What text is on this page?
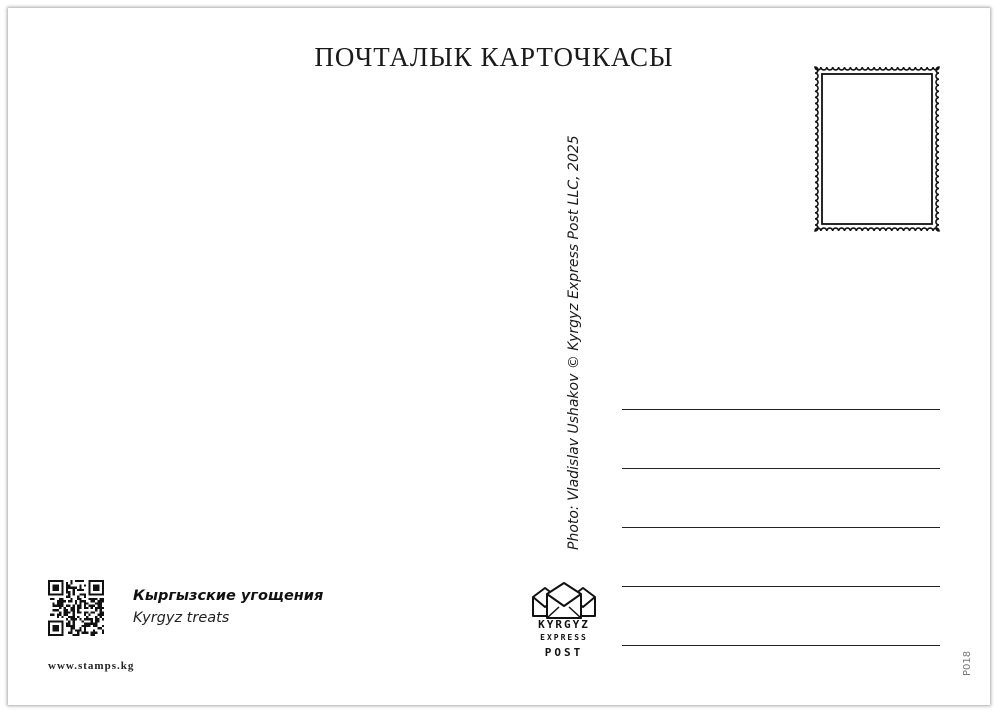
ПОЧТАЛЫК КАРТОЧКАСЫ
Photo: Vladislav Ushakov © Kyrgyz Express Post LLC, 2025
Кыргызские угощения
Kyrgyz treats
www.stamps.kg
KYRGYZ
EXPRESS
POST	P018
